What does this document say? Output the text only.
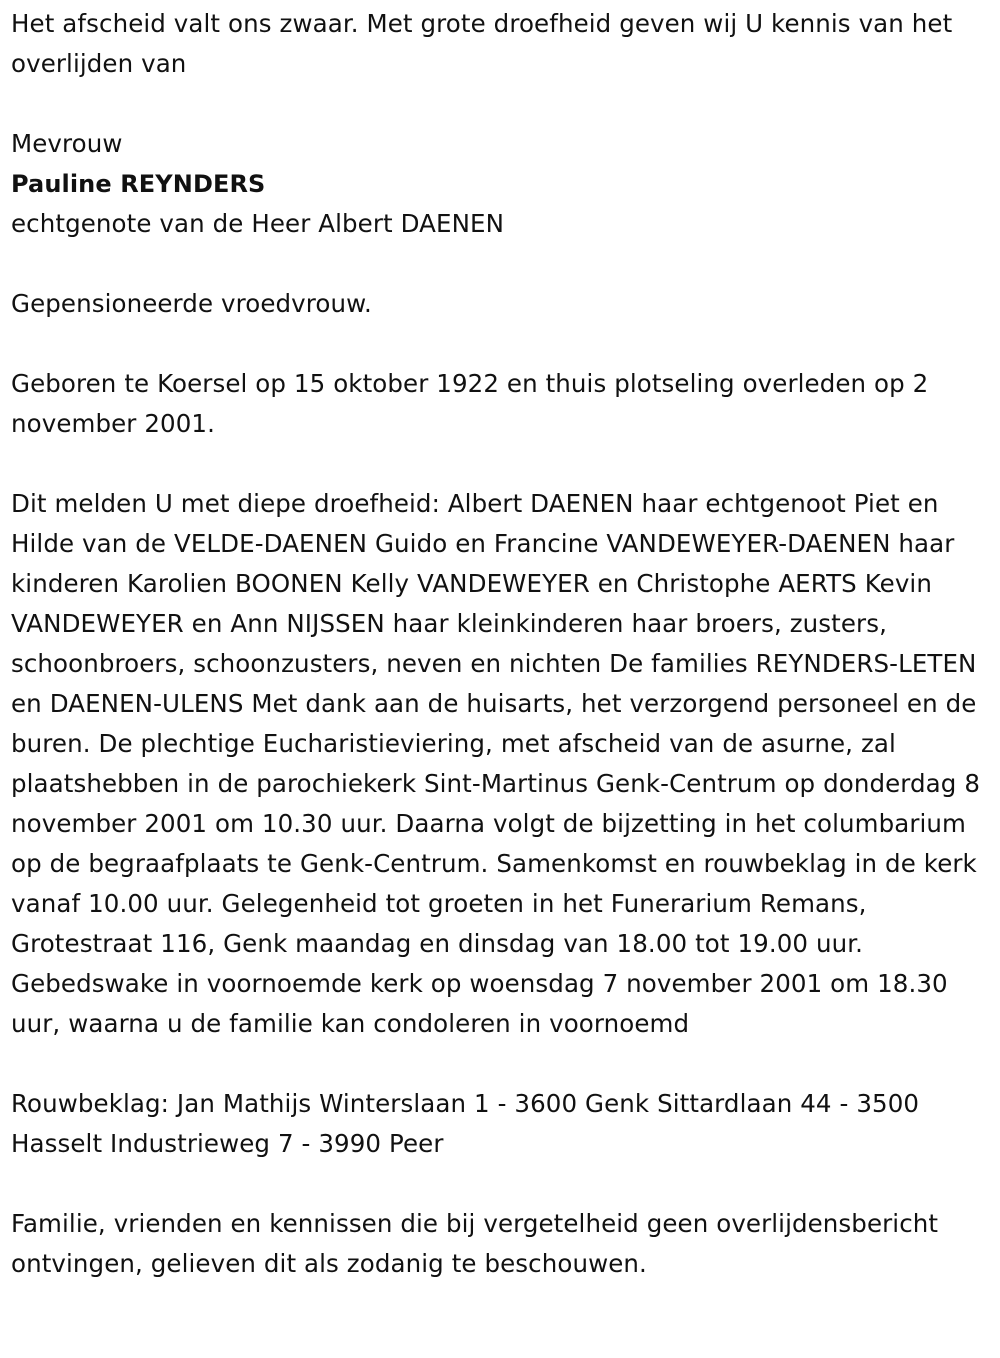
Het afscheid valt ons zwaar. Met grote droefheid geven wij U kennis van het overlijden van

Mevrouw

Pauline REYNDERS

echtgenote van de Heer Albert DAENEN

Gepensioneerde vroedvrouw.

Geboren te Koersel op 15 oktober 1922 en thuis plotseling overleden op 2 november 2001.

Dit melden U met diepe droefheid: Albert DAENEN haar echtgenoot Piet en Hilde van de VELDE-DAENEN Guido en Francine VANDEWEYER-DAENEN haar kinderen Karolien BOONEN Kelly VANDEWEYER en Christophe AERTS Kevin VANDEWEYER en Ann NIJSSEN haar kleinkinderen haar broers, zusters, schoonbroers, schoonzusters, neven en nichten De families REYNDERS-LETEN en DAENEN-ULENS Met dank aan de huisarts, het verzorgend personeel en de buren. De plechtige Eucharistieviering, met afscheid van de asurne, zal plaatshebben in de parochiekerk Sint-Martinus Genk-Centrum op donderdag 8 november 2001 om 10.30 uur. Daarna volgt de bijzetting in het columbarium op de begraafplaats te Genk-Centrum. Samenkomst en rouwbeklag in de kerk vanaf 10.00 uur. Gelegenheid tot groeten in het Funerarium Remans, Grotestraat 116, Genk maandag en dinsdag van 18.00 tot 19.00 uur. Gebedswake in voornoemde kerk op woensdag 7 november 2001 om 18.30 uur, waarna u de familie kan condoleren in voornoemd

Rouwbeklag: Jan Mathijs Winterslaan 1 - 3600 Genk Sittardlaan 44 - 3500 Hasselt Industrieweg 7 - 3990 Peer

Familie, vrienden en kennissen die bij vergetelheid geen overlijdensbericht ontvingen, gelieven dit als zodanig te beschouwen.
